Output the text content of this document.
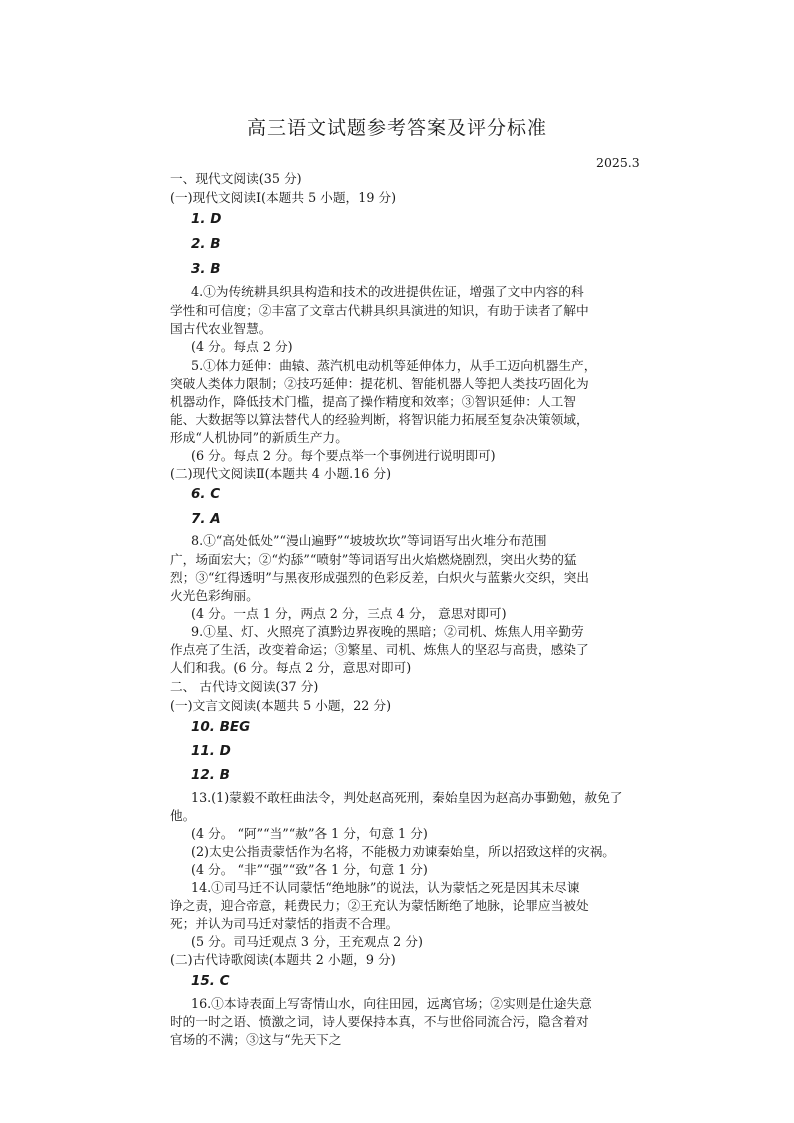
高三语文试题参考答案及评分标准
2025.3
一、现代文阅读(35 分)
(一)现代文阅读Ⅰ(本题共 5 小题，19 分)
1. D
2. B
3. B
4.①为传统耕具织具构造和技术的改进提供佐证，增强了文中内容的科
学性和可信度；②丰富了文章古代耕具织具演进的知识，有助于读者了解中
国古代农业智慧。
(4 分。每点 2 分)
5.①体力延伸：曲辕、蒸汽机电动机等延伸体力，从手工迈向机器生产，
突破人类体力限制；②技巧延伸：提花机、智能机器人等把人类技巧固化为
机器动作，降低技术门槛，提高了操作精度和效率；③智识延伸：人工智
能、大数据等以算法替代人的经验判断，将智识能力拓展至复杂决策领域，
形成“人机协同”的新质生产力。
(6 分。每点 2 分。每个要点举一个事例进行说明即可)
(二)现代文阅读Ⅱ(本题共 4 小题.16 分)
6. C
7. A
8.①“高处低处”“漫山遍野”“坡坡坎坎”等词语写出火堆分布范围
广，场面宏大；②“灼舔”“喷射”等词语写出火焰燃烧剧烈，突出火势的猛
烈；③“红得透明”与黑夜形成强烈的色彩反差，白炽火与蓝紫火交织，突出
火光色彩绚丽。
(4 分。一点 1 分，两点 2 分，三点 4 分， 意思对即可)
9.①星、灯、火照亮了滇黔边界夜晚的黑暗；②司机、炼焦人用辛勤劳
作点亮了生活，改变着命运；③繁星、司机、炼焦人的坚忍与高贵，感染了
人们和我。(6 分。每点 2 分，意思对即可)
二、 古代诗文阅读(37 分)
(一)文言文阅读(本题共 5 小题，22 分)
10. BEG
11. D
12. B
13.(1)蒙毅不敢枉曲法令，判处赵高死刑，秦始皇因为赵高办事勤勉，赦免了
他。
(4 分。 “阿”“当”“赦”各 1 分，句意 1 分)
(2)太史公指责蒙恬作为名将，不能极力劝谏秦始皇，所以招致这样的灾祸。
(4 分。 “非”“强”“致”各 1 分，句意 1 分)
14.①司马迁不认同蒙恬“绝地脉”的说法，认为蒙恬之死是因其未尽谏
诤之责，迎合帝意，耗费民力；②王充认为蒙恬断绝了地脉，论罪应当被处
死；并认为司马迁对蒙恬的指责不合理。
(5 分。司马迁观点 3 分，王充观点 2 分)
(二)古代诗歌阅读(本题共 2 小题，9 分)
15. C
16.①本诗表面上写寄情山水，向往田园，远离官场；②实则是仕途失意
时的一时之语、愤激之词，诗人要保持本真，不与世俗同流合污，隐含着对
官场的不满；③这与“先天下之
